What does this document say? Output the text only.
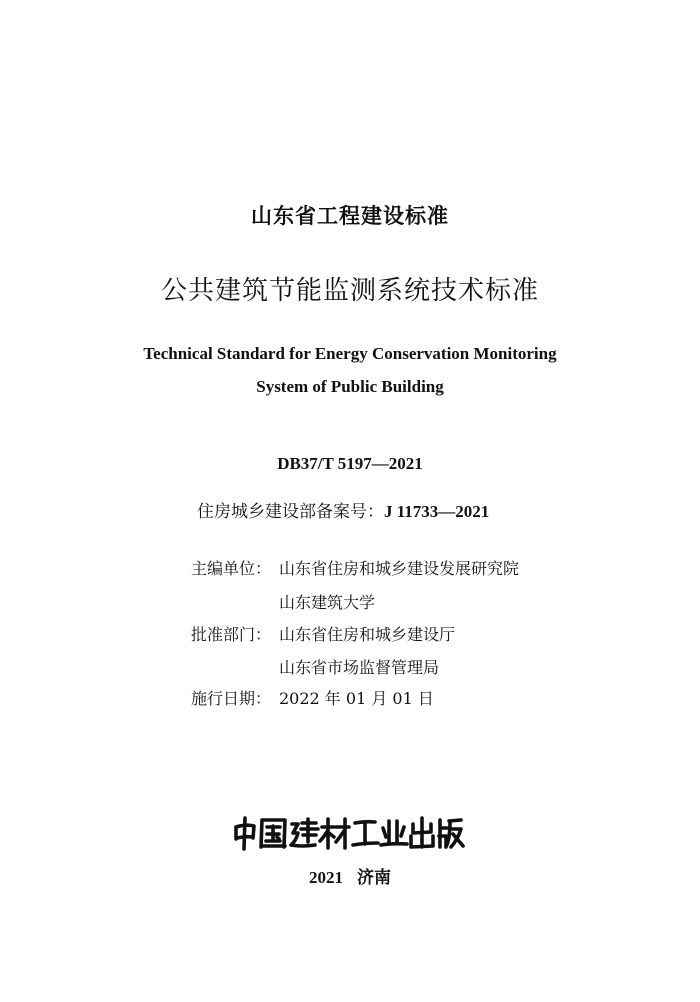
山东省工程建设标准
公共建筑节能监测系统技术标准
Technical Standard for Energy Conservation Monitoring
System of Public Building
DB37/T 5197—2021
住房城乡建设部备案号：J 11733—2021
主编单位： 山东省住房和城乡建设发展研究院
山东建筑大学
批准部门： 山东省住房和城乡建设厅
山东省市场监督管理局
施行日期： 2022 年 01 月 01 日
2021 济南
